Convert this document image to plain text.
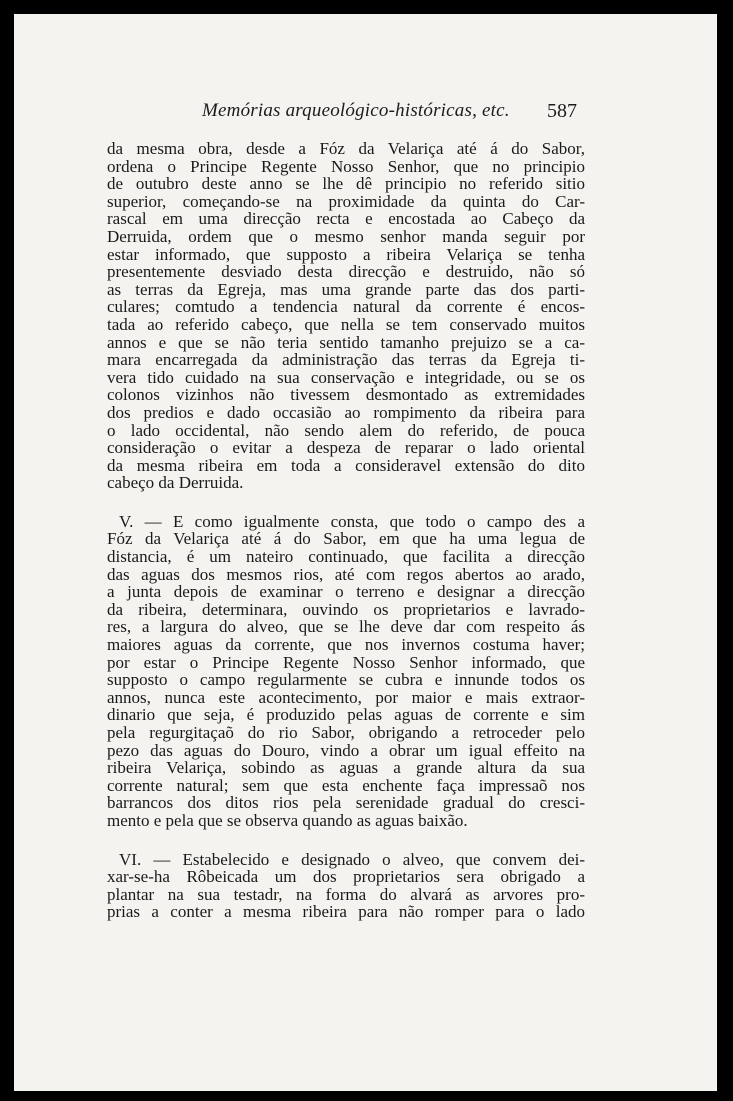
Memórias arqueológico-históricas, etc. 587

da mesma obra, desde a Fóz da Velariça até á do Sabor,
ordena o Principe Regente Nosso Senhor, que no principio
de outubro deste anno se lhe dê principio no referido sitio
superior, começando-se na proximidade da quinta do Car-
rascal em uma direcção recta e encostada ao Cabeço da
Derruida, ordem que o mesmo senhor manda seguir por
estar informado, que supposto a ribeira Velariça se tenha
presentemente desviado desta direcção e destruido, não só
as terras da Egreja, mas uma grande parte das dos parti-
culares; comtudo a tendencia natural da corrente é encos-
tada ao referido cabeço, que nella se tem conservado muitos
annos e que se não teria sentido tamanho prejuizo se a ca-
mara encarregada da administração das terras da Egreja ti-
vera tido cuidado na sua conservação e integridade, ou se os
colonos vizinhos não tivessem desmontado as extremidades
dos predios e dado occasião ao rompimento da ribeira para
o lado occidental, não sendo alem do referido, de pouca
consideração o evitar a despeza de reparar o lado oriental
da mesma ribeira em toda a consideravel extensão do dito
cabeço da Derruida.

V. — E como igualmente consta, que todo o campo des a
Fóz da Velariça até á do Sabor, em que ha uma legua de
distancia, é um nateiro continuado, que facilita a direcção
das aguas dos mesmos rios, até com regos abertos ao arado,
a junta depois de examinar o terreno e designar a direcção
da ribeira, determinara, ouvindo os proprietarios e lavrado-
res, a largura do alveo, que se lhe deve dar com respeito ás
maiores aguas da corrente, que nos invernos costuma haver;
por estar o Principe Regente Nosso Senhor informado, que
supposto o campo regularmente se cubra e innunde todos os
annos, nunca este acontecimento, por maior e mais extraor-
dinario que seja, é produzido pelas aguas de corrente e sim
pela regurgitaçaõ do rio Sabor, obrigando a retroceder pelo
pezo das aguas do Douro, vindo a obrar um igual effeito na
ribeira Velariça, sobindo as aguas a grande altura da sua
corrente natural; sem que esta enchente faça impressaõ nos
barrancos dos ditos rios pela serenidade gradual do cresci-
mento e pela que se observa quando as aguas baixão.

VI. — Estabelecido e designado o alveo, que convem dei-
xar-se-ha Rôbeicada um dos proprietarios sera obrigado a
plantar na sua testadr, na forma do alvará as arvores pro-
prias a conter a mesma ribeira para não romper para o lado
